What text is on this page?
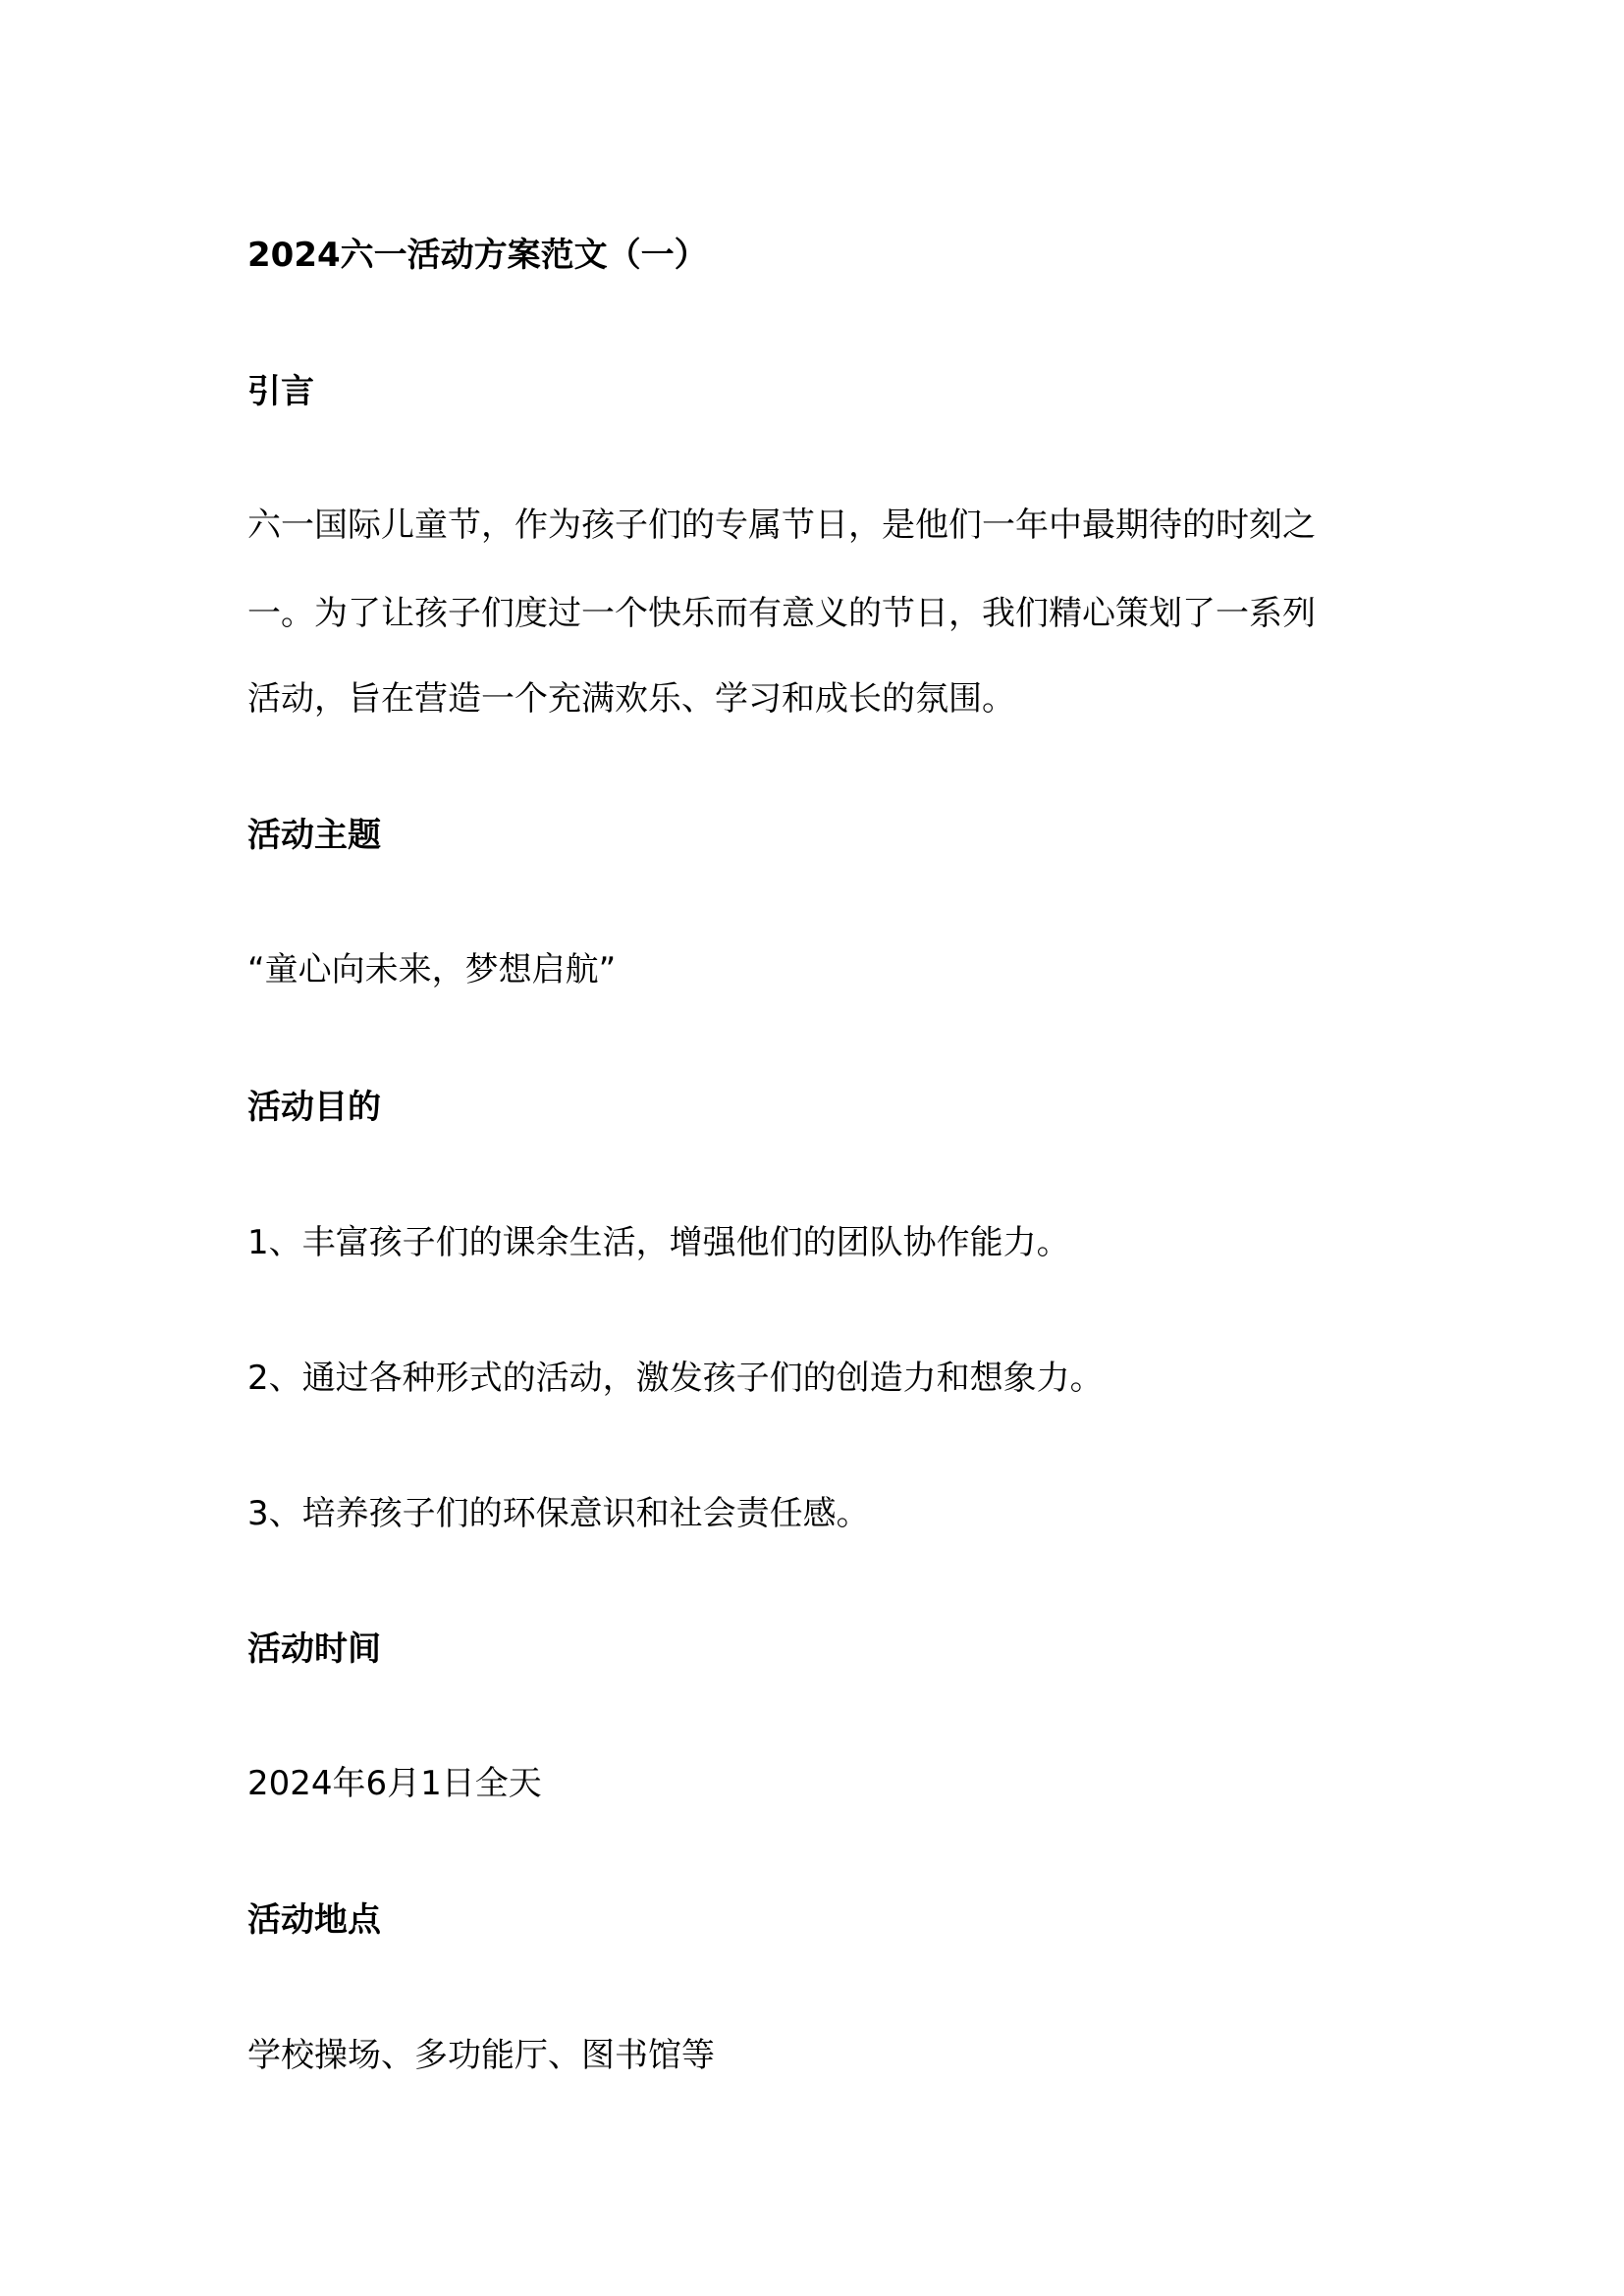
2024六一活动方案范文（一）

引言

六一国际儿童节，作为孩子们的专属节日，是他们一年中最期待的时刻之

一。为了让孩子们度过一个快乐而有意义的节日，我们精心策划了一系列

活动，旨在营造一个充满欢乐、学习和成长的氛围。

活动主题

“童心向未来，梦想启航”

活动目的

1、丰富孩子们的课余生活，增强他们的团队协作能力。

2、通过各种形式的活动，激发孩子们的创造力和想象力。

3、培养孩子们的环保意识和社会责任感。

活动时间

2024年6月1日全天

活动地点

学校操场、多功能厅、图书馆等
